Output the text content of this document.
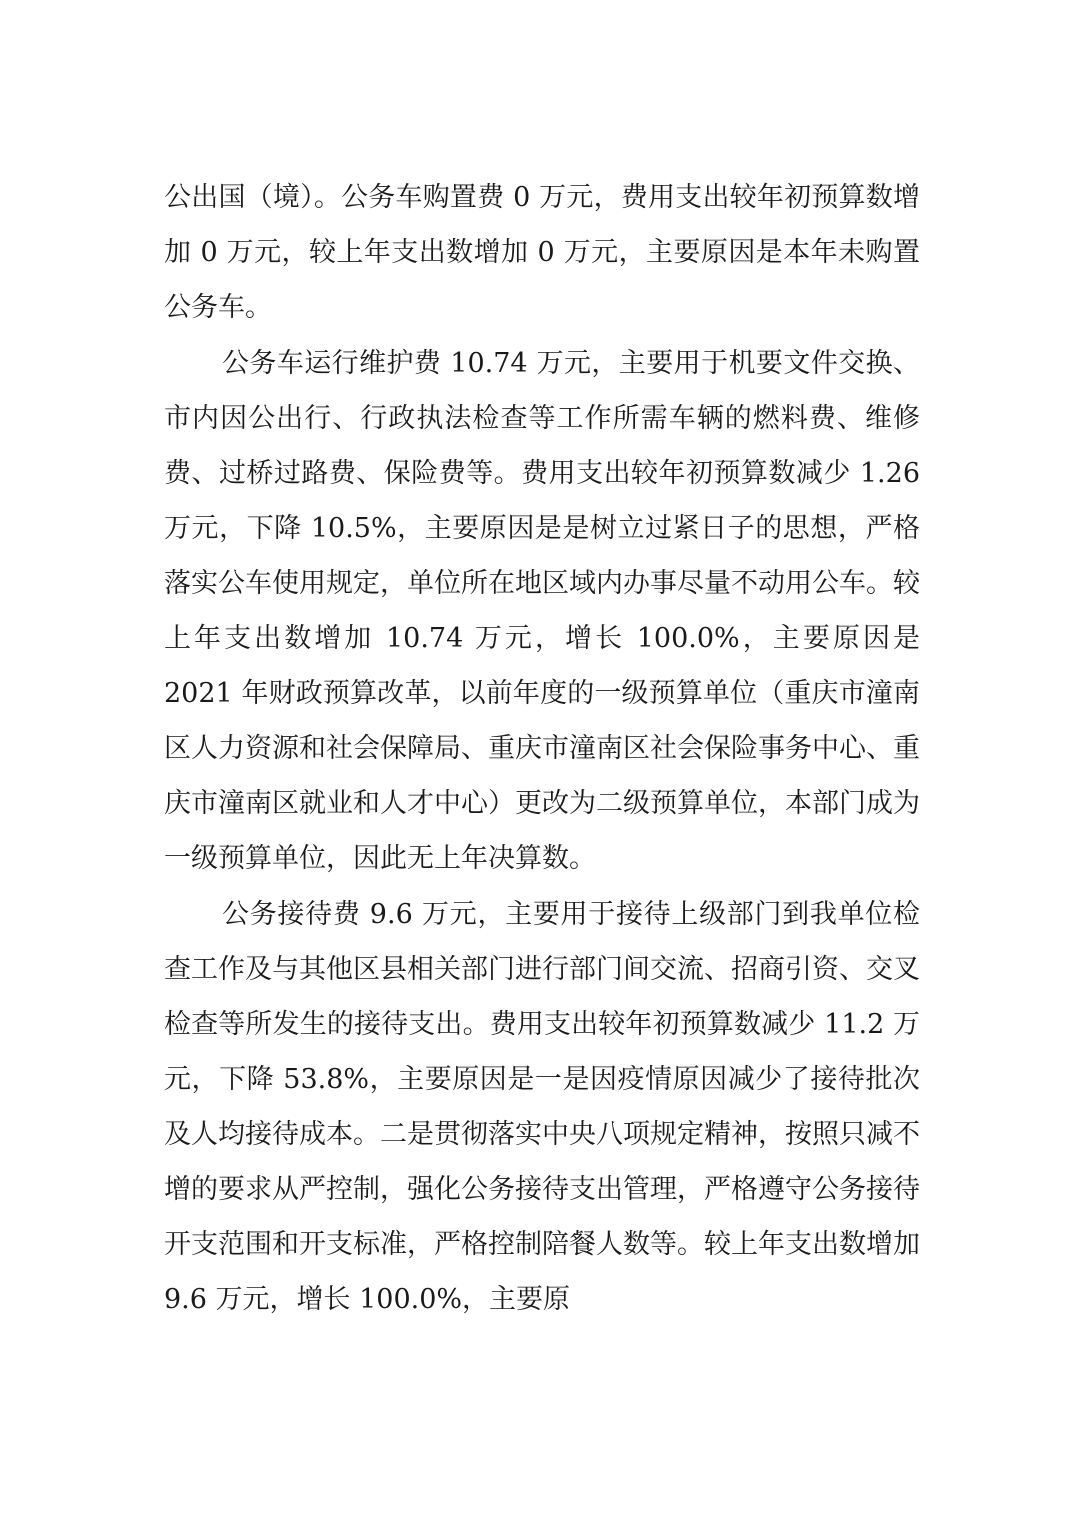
公出国（境）。公务车购置费 0 万元，费用支出较年初预算数增加 0 万元，较上年支出数增加 0 万元，主要原因是本年未购置公务车。

公务车运行维护费 10.74 万元，主要用于机要文件交换、市内因公出行、行政执法检查等工作所需车辆的燃料费、维修费、过桥过路费、保险费等。费用支出较年初预算数减少 1.26 万元，下降 10.5%，主要原因是是树立过紧日子的思想，严格落实公车使用规定，单位所在地区域内办事尽量不动用公车。较上年支出数增加 10.74 万元，增长 100.0%，主要原因是 2021 年财政预算改革，以前年度的一级预算单位（重庆市潼南区人力资源和社会保障局、重庆市潼南区社会保险事务中心、重庆市潼南区就业和人才中心）更改为二级预算单位，本部门成为一级预算单位，因此无上年决算数。

公务接待费 9.6 万元，主要用于接待上级部门到我单位检查工作及与其他区县相关部门进行部门间交流、招商引资、交叉检查等所发生的接待支出。费用支出较年初预算数减少 11.2 万元，下降 53.8%，主要原因是一是因疫情原因减少了接待批次及人均接待成本。二是贯彻落实中央八项规定精神，按照只减不增的要求从严控制，强化公务接待支出管理，严格遵守公务接待开支范围和开支标准，严格控制陪餐人数等。较上年支出数增加 9.6 万元，增长 100.0%，主要原
